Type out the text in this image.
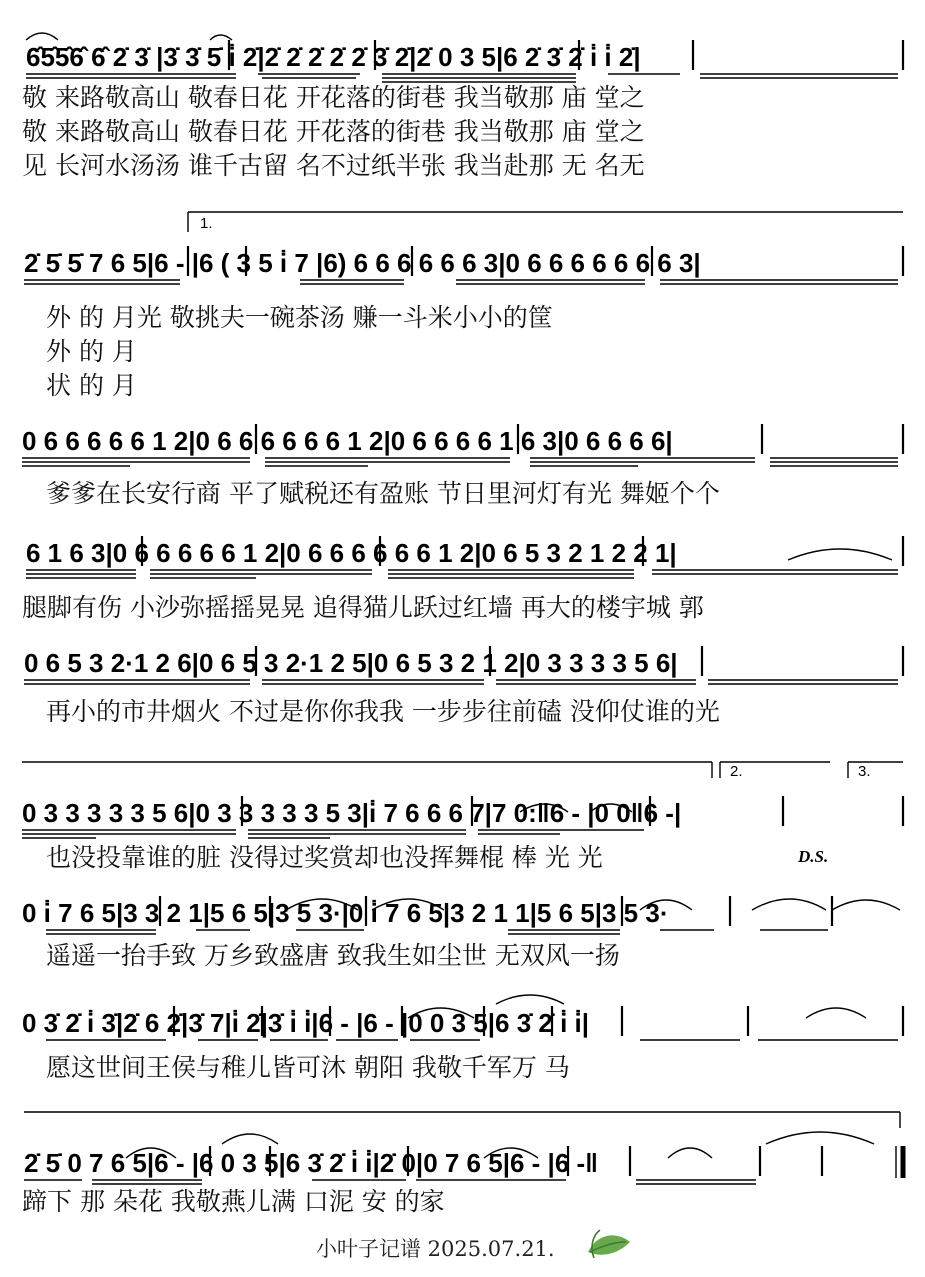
6̂5̂5̂6̂ 6̂ 2̇ 3̇ |3̇ 3̇ 5̇ i̇ 2̇|2̇ 2̇ 2̇ 2̇ 2̇ 3̇ 2̇|2̇ 0 3 5|6 2̇ 3̇ 2̇ i̇ i̇ 2̇|
敬 来路敬高山 敬春日花 开花落的街巷 我当敬那 庙 堂之
敬 来路敬高山 敬春日花 开花落的街巷 我当敬那 庙 堂之
见 长河水汤汤 谁千古留 名不过纸半张 我当赴那 无 名无
1.
2̇ 5̇ 5̇ 7 6 5|6 - |6 ( 3 5 i̇ 7 |6) 6 6 6 6 6 6 3|0 6 6 6 6 6 6 6 3|
外 的 月光 敬挑夫一碗茶汤 赚一斗米小小的筐
外 的 月
状 的 月
0 6 6 6 6 6 1 2|0 6 6 6 6 6 6 1 2|0 6 6 6 6 1 6 3|0 6 6 6 6|
爹爹在长安行商 平了赋税还有盈账 节日里河灯有光 舞姬个个
6 1 6 3|0 6 6 6 6 6 1 2|0 6 6 6 6 6 6 1 2|0 6 5 3 2 1 2 2 1|
腿脚有伤 小沙弥摇摇晃晃 追得猫儿跃过红墙 再大的楼宇城 郭
0 6 5 3 2·1 2 6|0 6 5 3 2·1 2 5|0 6 5 3 2 1 2|0 3 3 3 3 5 6|
再小的市井烟火 不过是你你我我 一步步往前磕 没仰仗谁的光
2.	3.
0 3 3 3 3 3 5 6|0 3 3 3 3 3 5 3|i̇ 7 6 6 6 7|7 0:‖6 - |0 0‖6 -|
也没投靠谁的脏 没得过奖赏却也没挥舞棍 棒 光 光	D.S.
0 i̇ 7 6 5|3 3 2 1|5 6 5|3 5 3·|0 i̇ 7 6 5|3 2 1 1|5 6 5|3 5 3·
遥遥一抬手致 万乡致盛唐 致我生如尘世 无双风一扬
0 3̇ 2̇ i̇ 3̇|2̇ 6 2̇|3̇ 7|i̇ 2̇|3̇ i̇ i̇|6 - |6 - |0 0 3 5|6 3̇ 2̇ i̇ i̇|
愿这世间王侯与稚儿皆可沐 朝阳 我敬千军万 马
2̇ 5̇ 0 7 6 5|6 - |6 0 3 5|6 3̇ 2̇ i̇ i̇|2̇ 0|0 7 6 5|6 - |6 -‖
蹄下 那 朵花 我敬燕儿满 口泥 安 的家
小叶子记谱 2025.07.21.
